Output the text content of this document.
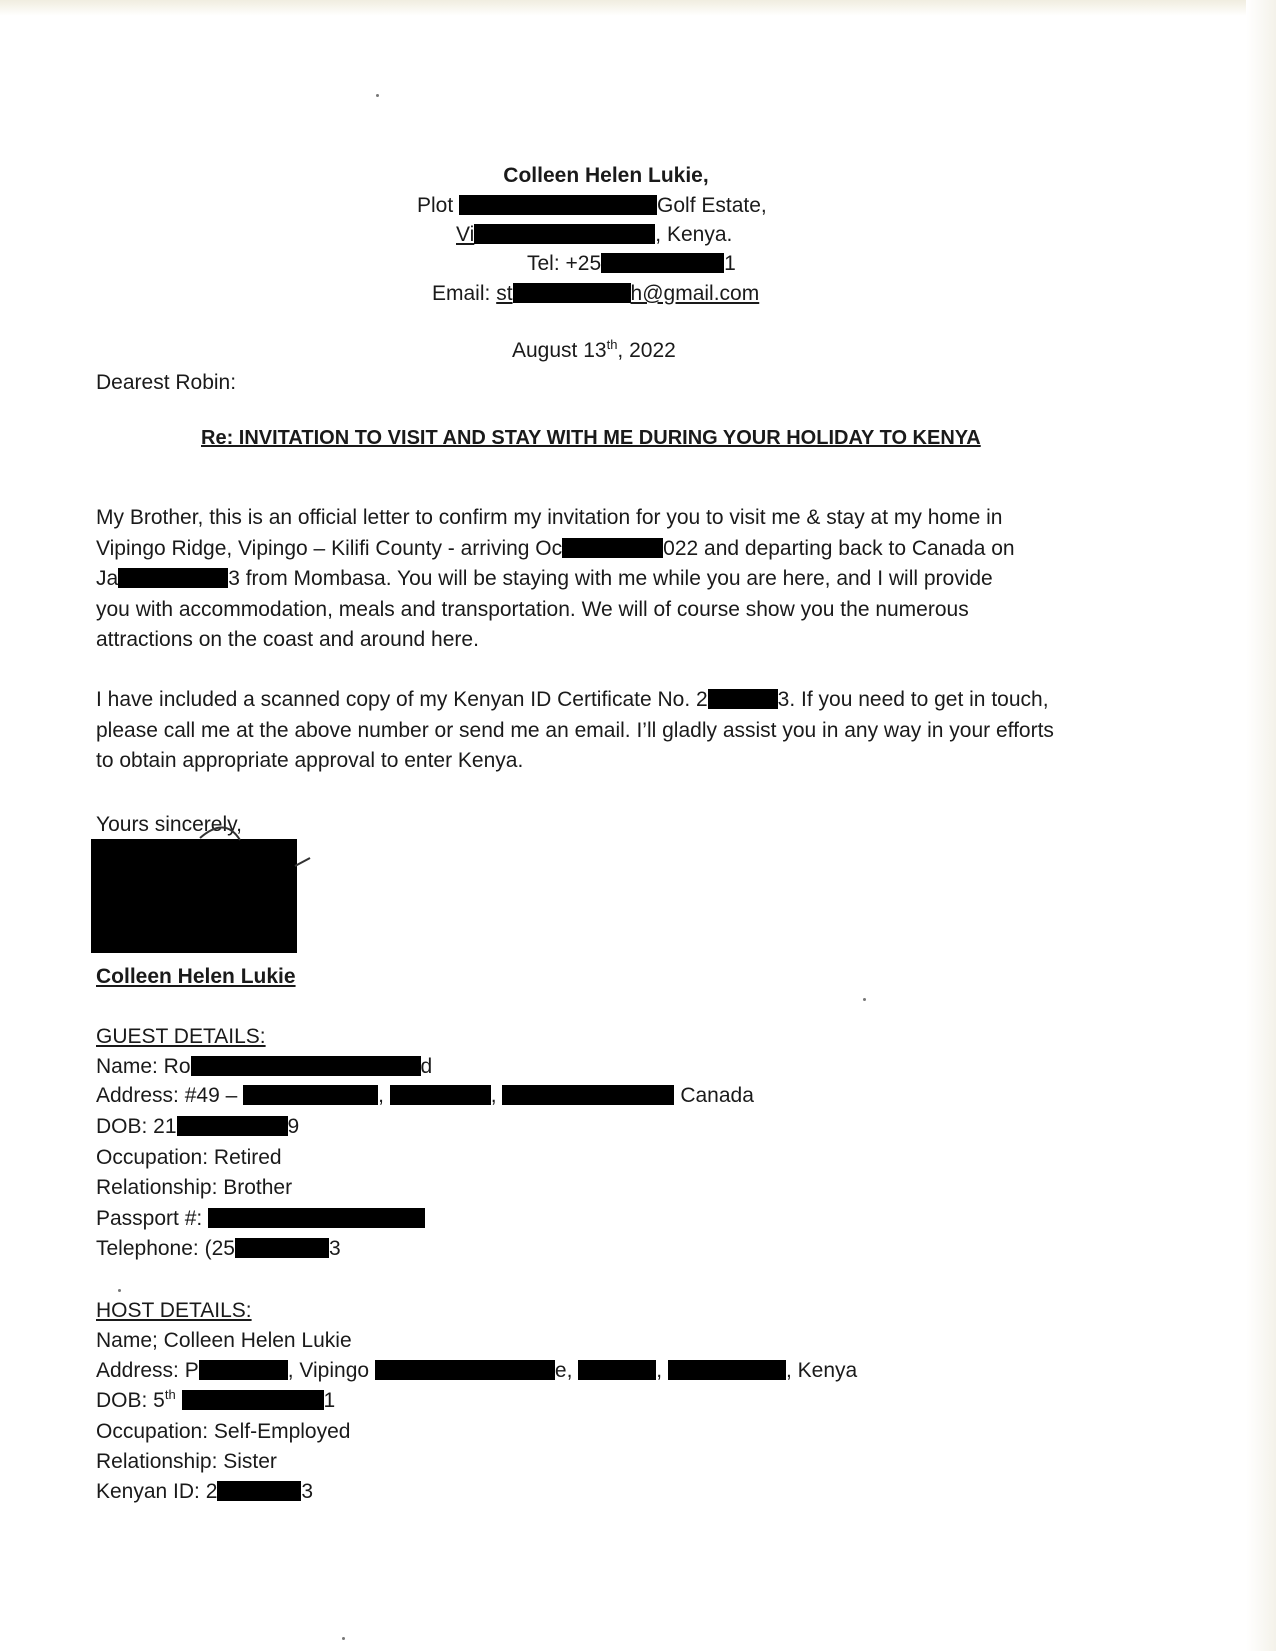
Colleen Helen Lukie,
Plot	Golf Estate,
Vi	, Kenya.
Tel: +25	1
Email: st	h@gmail.com
August 13th, 2022
Dearest Robin:
Re: INVITATION TO VISIT AND STAY WITH ME DURING YOUR HOLIDAY TO KENYA
My Brother, this is an official letter to confirm my invitation for you to visit me & stay at my home in
Vipingo Ridge, Vipingo – Kilifi County - arriving Oc	022 and departing back to Canada on
Ja	3 from Mombasa. You will be staying with me while you are here, and I will provide
you with accommodation, meals and transportation. We will of course show you the numerous
attractions on the coast and around here.
I have included a scanned copy of my Kenyan ID Certificate No. 2	3. If you need to get in touch,
please call me at the above number or send me an email. I’ll gladly assist you in any way in your efforts
to obtain appropriate approval to enter Kenya.
Yours sincerely,
Colleen Helen Lukie
GUEST DETAILS:
Name: Ro	d
Address: #49 –	,	,	Canada
DOB: 21	9
Occupation: Retired
Relationship: Brother
Passport #:
Telephone: (25	3
HOST DETAILS:
Name; Colleen Helen Lukie
Address: P	, Vipingo	e,	,	, Kenya
DOB: 5th	1
Occupation: Self-Employed
Relationship: Sister
Kenyan ID: 2	3
